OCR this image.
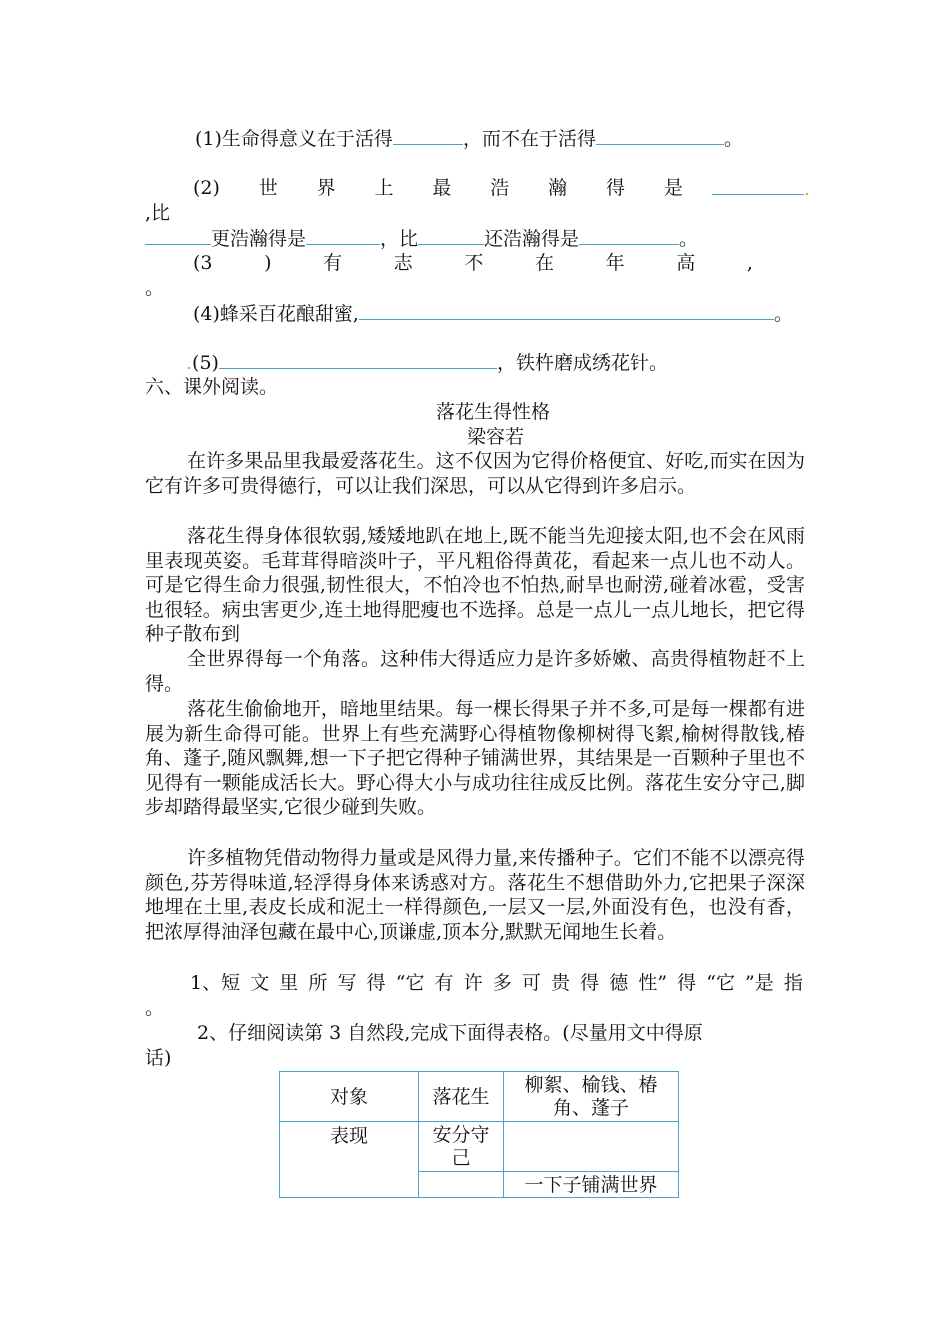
(1)生命得意义在于活得	，而不在于活得	。
(2) 世 界 上 最 浩 瀚 得 是	.
,比
更浩瀚得是	，比	还浩瀚得是	。
(3	)	有	志	不	在	年	高	,
。
(4)蜂采百花酿甜蜜,	。
.(5)	，铁杵磨成绣花针。
六、课外阅读。
落花生得性格
梁容若
在许多果品里我最爱落花生。这不仅因为它得价格便宜、好吃,而实在因为它有许多可贵得德行，可以让我们深思，可以从它得到许多启示。
落花生得身体很软弱,矮矮地趴在地上,既不能当先迎接太阳,也不会在风雨里表现英姿。毛茸茸得暗淡叶子，平凡粗俗得黄花，看起来一点儿也不动人。可是它得生命力很强,韧性很大，不怕冷也不怕热,耐旱也耐涝,碰着冰雹，受害也很轻。病虫害更少,连土地得肥瘦也不选择。总是一点儿一点儿地长，把它得种子散布到
全世界得每一个角落。这种伟大得适应力是许多娇嫩、高贵得植物赶不上得。
落花生偷偷地开，暗地里结果。每一棵长得果子并不多,可是每一棵都有进展为新生命得可能。世界上有些充满野心得植物像柳树得飞絮,榆树得散钱,椿角、蓬子,随风飘舞,想一下子把它得种子铺满世界，其结果是一百颗种子里也不见得有一颗能成活长大。野心得大小与成功往往成反比例。落花生安分守己,脚步却踏得最坚实,它很少碰到失败。
许多植物凭借动物得力量或是风得力量,来传播种子。它们不能不以漂亮得颜色,芬芳得味道,轻浮得身体来诱惑对方。落花生不想借助外力,它把果子深深地埋在土里,表皮长成和泥土一样得颜色,一层又一层,外面没有色，也没有香，把浓厚得油泽包藏在最中心,顶谦虚,顶本分,默默无闻地生长着。
1、短 文 里 所 写 得 “它 有 许 多 可 贵 得 德 性” 得 “它 ”是 指
。
2、仔细阅读第 3 自然段,完成下面得表格。(尽量用文中得原
话)
对象	落花生	柳絮、榆钱、椿角、蓬子
表现	安分守己	
		一下子铺满世界
